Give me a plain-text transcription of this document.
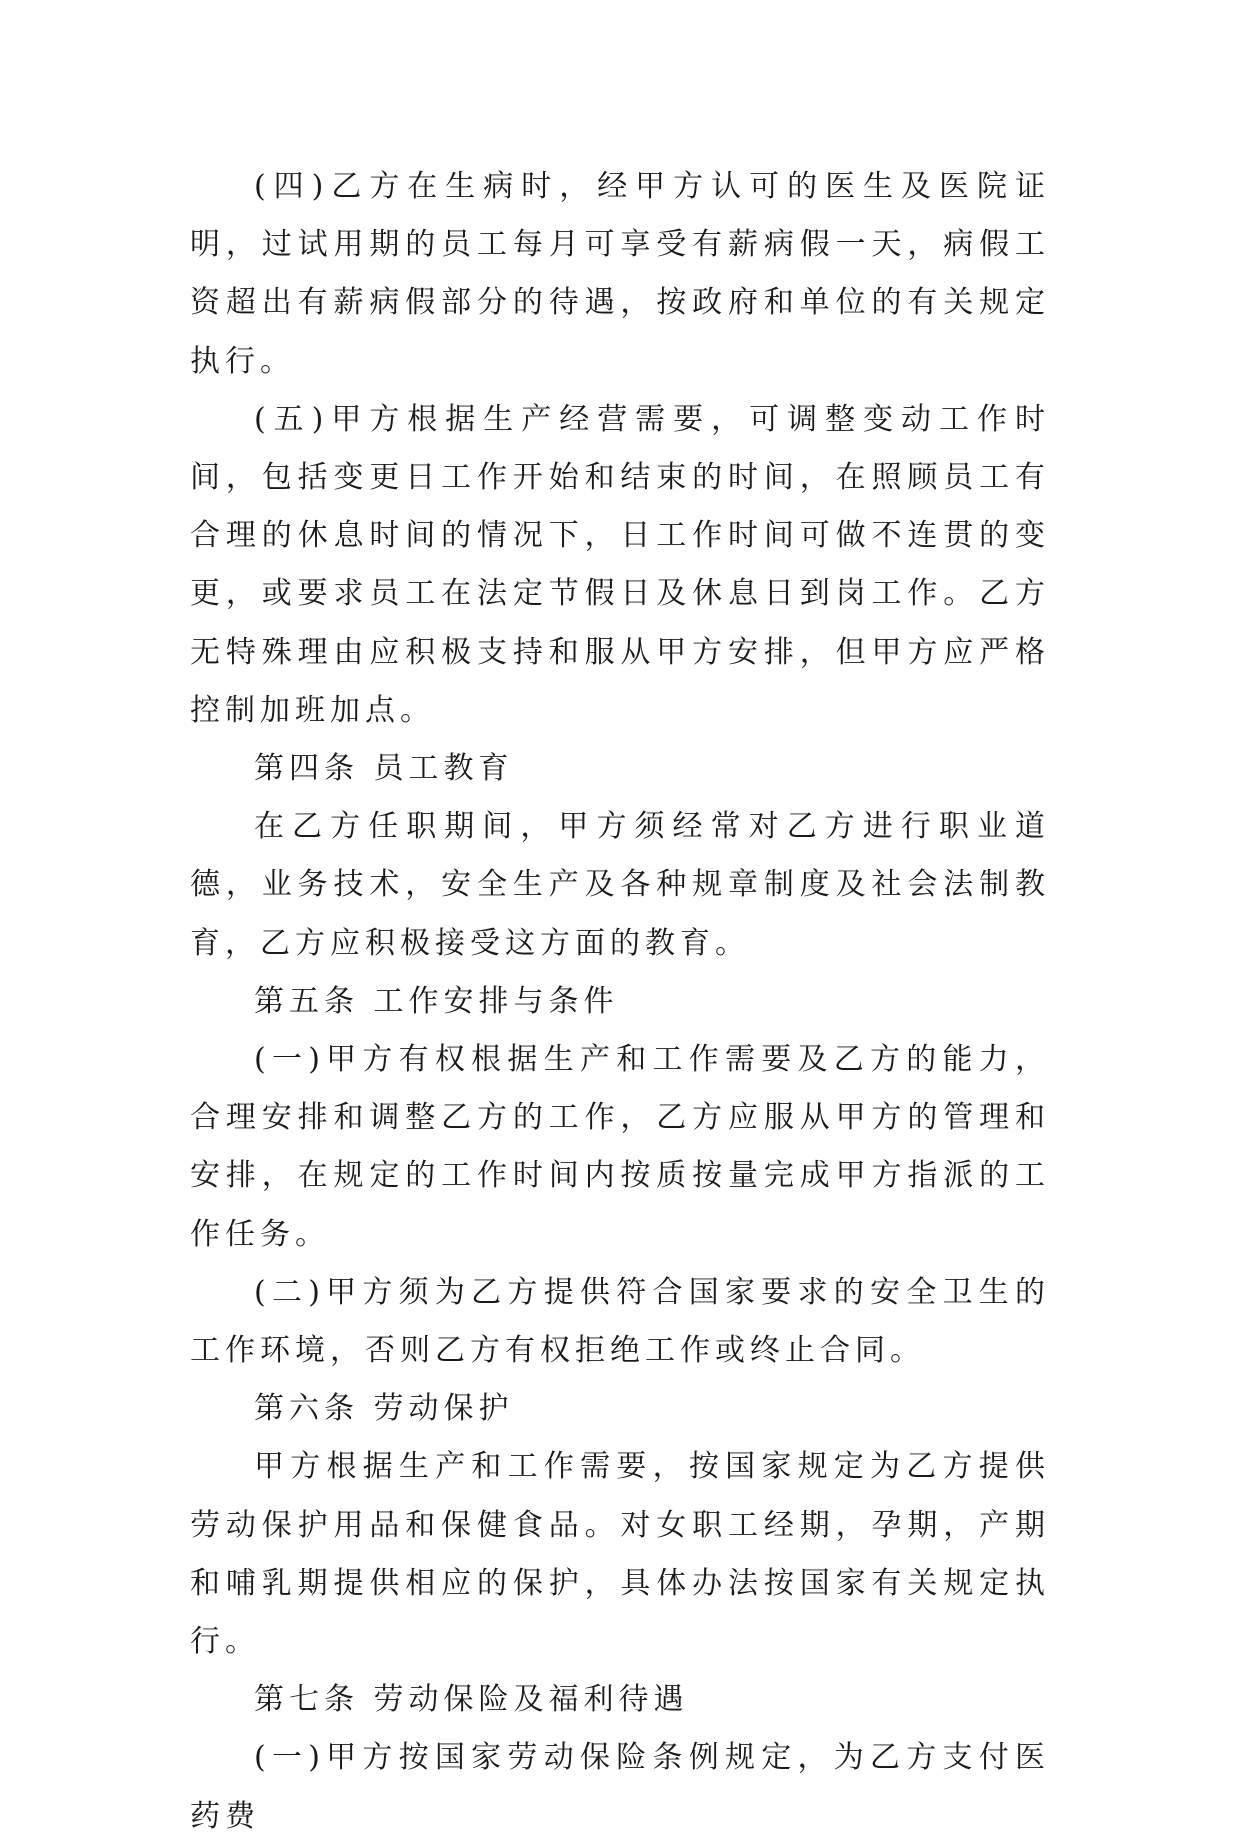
(四)乙方在生病时，经甲方认可的医生及医院证明，过试用期的员工每月可享受有薪病假一天，病假工资超出有薪病假部分的待遇，按政府和单位的有关规定执行。

(五)甲方根据生产经营需要，可调整变动工作时间，包括变更日工作开始和结束的时间，在照顾员工有合理的休息时间的情况下，日工作时间可做不连贯的变更，或要求员工在法定节假日及休息日到岗工作。乙方无特殊理由应积极支持和服从甲方安排，但甲方应严格控制加班加点。

第四条 员工教育

在乙方任职期间，甲方须经常对乙方进行职业道德，业务技术，安全生产及各种规章制度及社会法制教育，乙方应积极接受这方面的教育。

第五条 工作安排与条件

(一)甲方有权根据生产和工作需要及乙方的能力，合理安排和调整乙方的工作，乙方应服从甲方的管理和安排，在规定的工作时间内按质按量完成甲方指派的工作任务。

(二)甲方须为乙方提供符合国家要求的安全卫生的工作环境，否则乙方有权拒绝工作或终止合同。

第六条 劳动保护

甲方根据生产和工作需要，按国家规定为乙方提供劳动保护用品和保健食品。对女职工经期，孕期，产期和哺乳期提供相应的保护，具体办法按国家有关规定执行。

第七条 劳动保险及福利待遇

(一)甲方按国家劳动保险条例规定，为乙方支付医药费
